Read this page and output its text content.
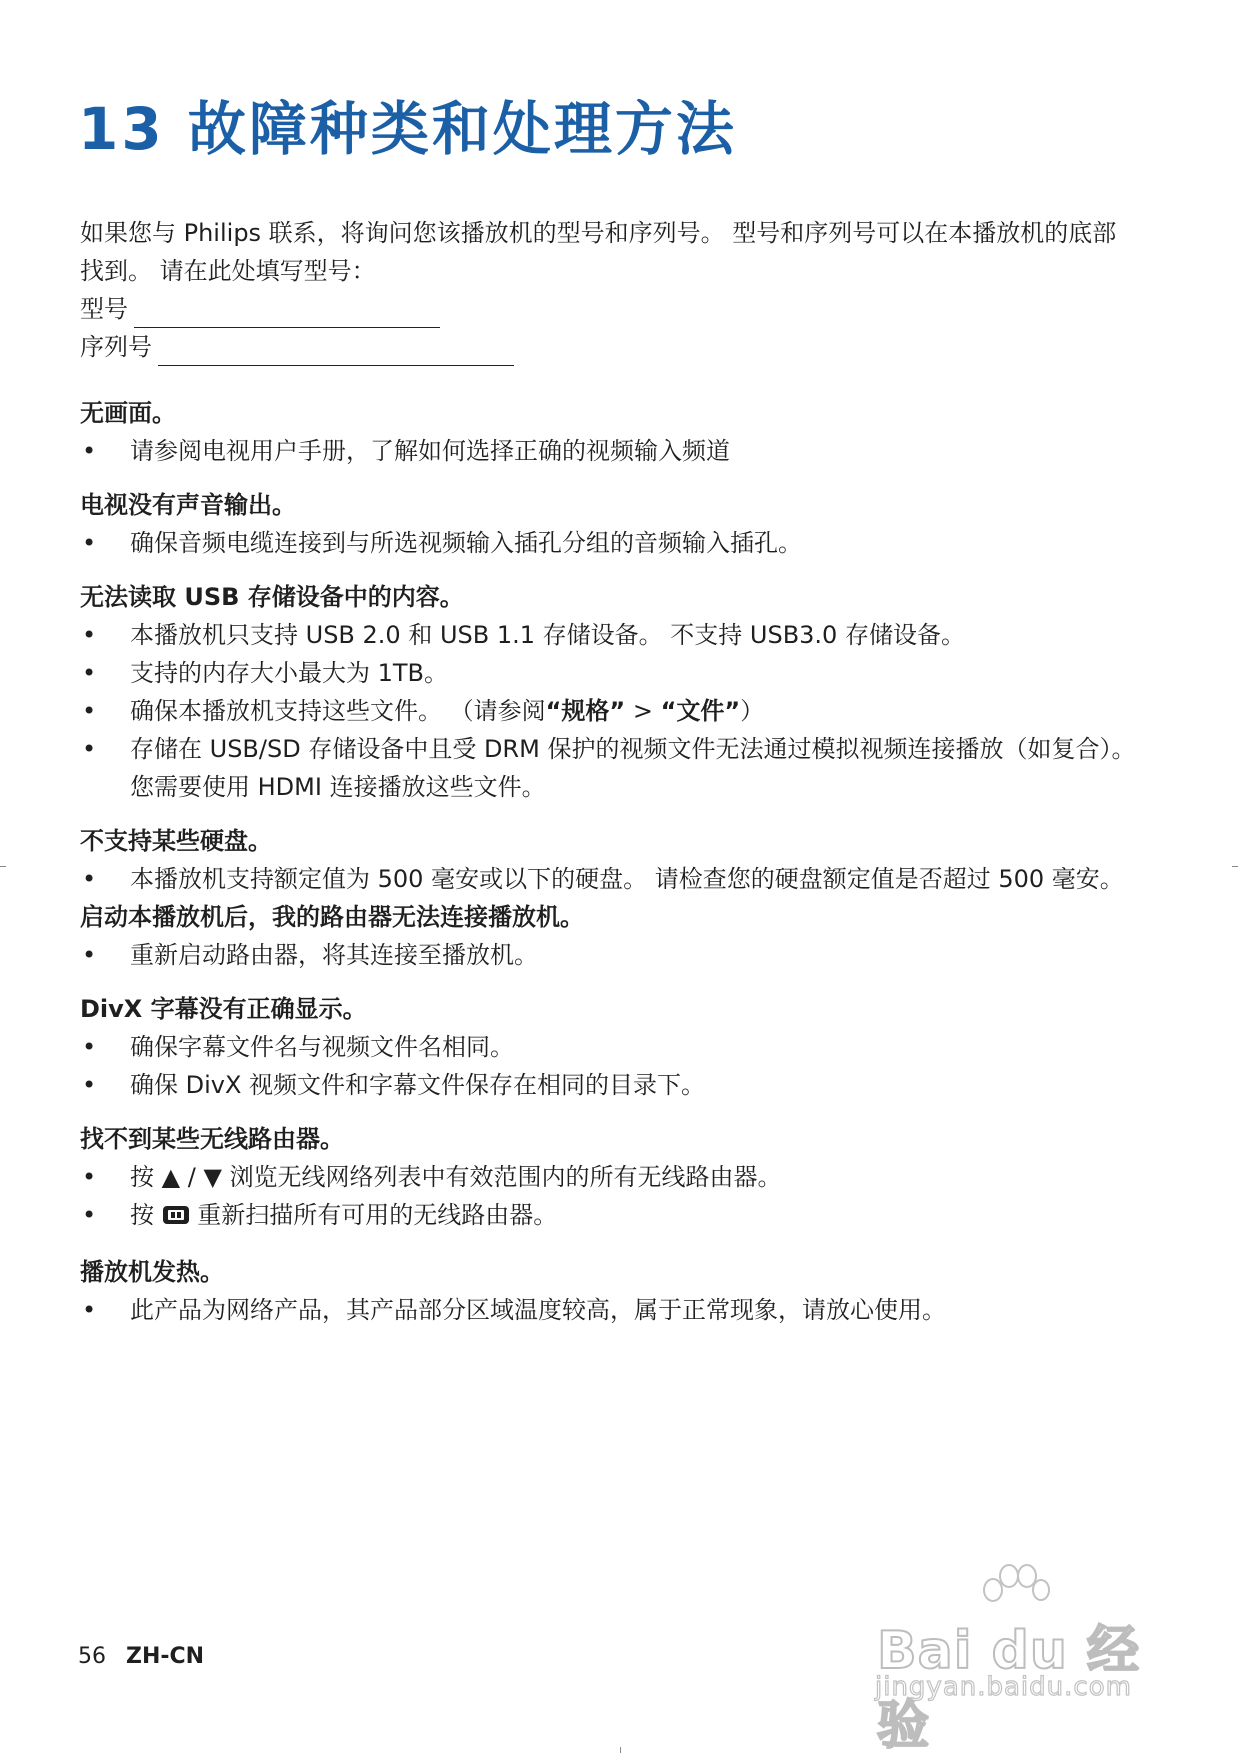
13 故障种类和处理方法

如果您与 Philips 联系，将询问您该播放机的型号和序列号。 型号和序列号可以在本播放机的底部找到。 请在此处填写型号：

型号
序列号
无画面。
• 请参阅电视用户手册，了解如何选择正确的视频输入频道
电视没有声音输出。
• 确保音频电缆连接到与所选视频输入插孔分组的音频输入插孔。
无法读取 USB 存储设备中的内容。
• 本播放机只支持 USB 2.0 和 USB 1.1 存储设备。 不支持 USB3.0 存储设备。
• 支持的内存大小最大为 1TB。
• 确保本播放机支持这些文件。 （请参阅“规格” > “文件”）
• 存储在 USB/SD 存储设备中且受 DRM 保护的视频文件无法通过模拟视频连接播放（如复合）。 您需要使用 HDMI 连接播放这些文件。
不支持某些硬盘。
• 本播放机支持额定值为 500 毫安或以下的硬盘。 请检查您的硬盘额定值是否超过 500 毫安。
启动本播放机后，我的路由器无法连接播放机。
• 重新启动路由器，将其连接至播放机。
DivX 字幕没有正确显示。
• 确保字幕文件名与视频文件名相同。
• 确保 DivX 视频文件和字幕文件保存在相同的目录下。
找不到某些无线路由器。
• 按 ▲ / ▼ 浏览无线网络列表中有效范围内的所有无线路由器。
• 按 重新扫描所有可用的无线路由器。
播放机发热。
• 此产品为网络产品，其产品部分区域温度较高，属于正常现象，请放心使用。
56 ZH-CN	Bai du 经验
jingyan.baidu.com
